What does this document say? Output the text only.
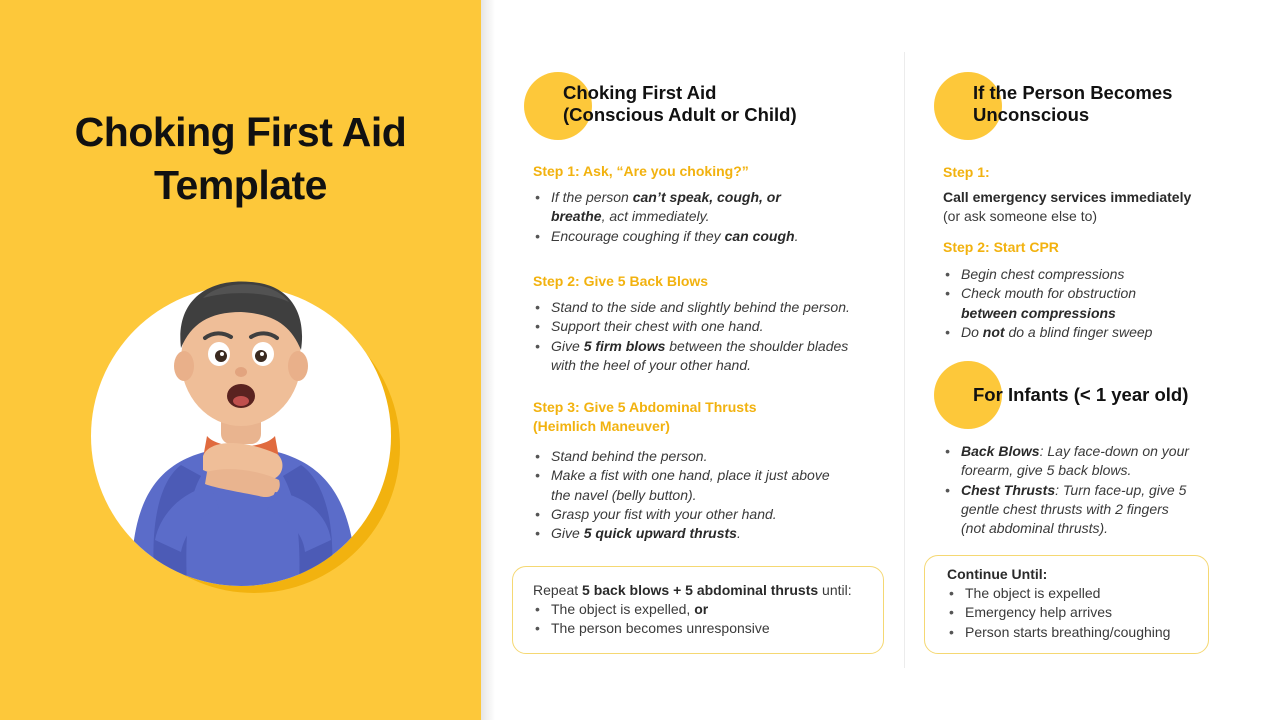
Choking First Aid
Template
Choking First Aid
(Conscious Adult or Child)
Step 1: Ask, “Are you choking?”
• If the person can’t speak, cough, or
breathe, act immediately.
• Encourage coughing if they can cough.
Step 2: Give 5 Back Blows
• Stand to the side and slightly behind the person.
• Support their chest with one hand.
• Give 5 firm blows between the shoulder blades
with the heel of your other hand.
Step 3: Give 5 Abdominal Thrusts
(Heimlich Maneuver)
• Stand behind the person.
• Make a fist with one hand, place it just above
the navel (belly button).
• Grasp your fist with your other hand.
• Give 5 quick upward thrusts.
Repeat 5 back blows + 5 abdominal thrusts until:
• The object is expelled, or
• The person becomes unresponsive
If the Person Becomes
Unconscious
Step 1:
Call emergency services immediately
(or ask someone else to)
Step 2: Start CPR
• Begin chest compressions
• Check mouth for obstruction
between compressions
• Do not do a blind finger sweep
For Infants (< 1 year old)
• Back Blows: Lay face-down on your
forearm, give 5 back blows.
• Chest Thrusts: Turn face-up, give 5
gentle chest thrusts with 2 fingers
(not abdominal thrusts).
Continue Until:
• The object is expelled
• Emergency help arrives
• Person starts breathing/coughing
